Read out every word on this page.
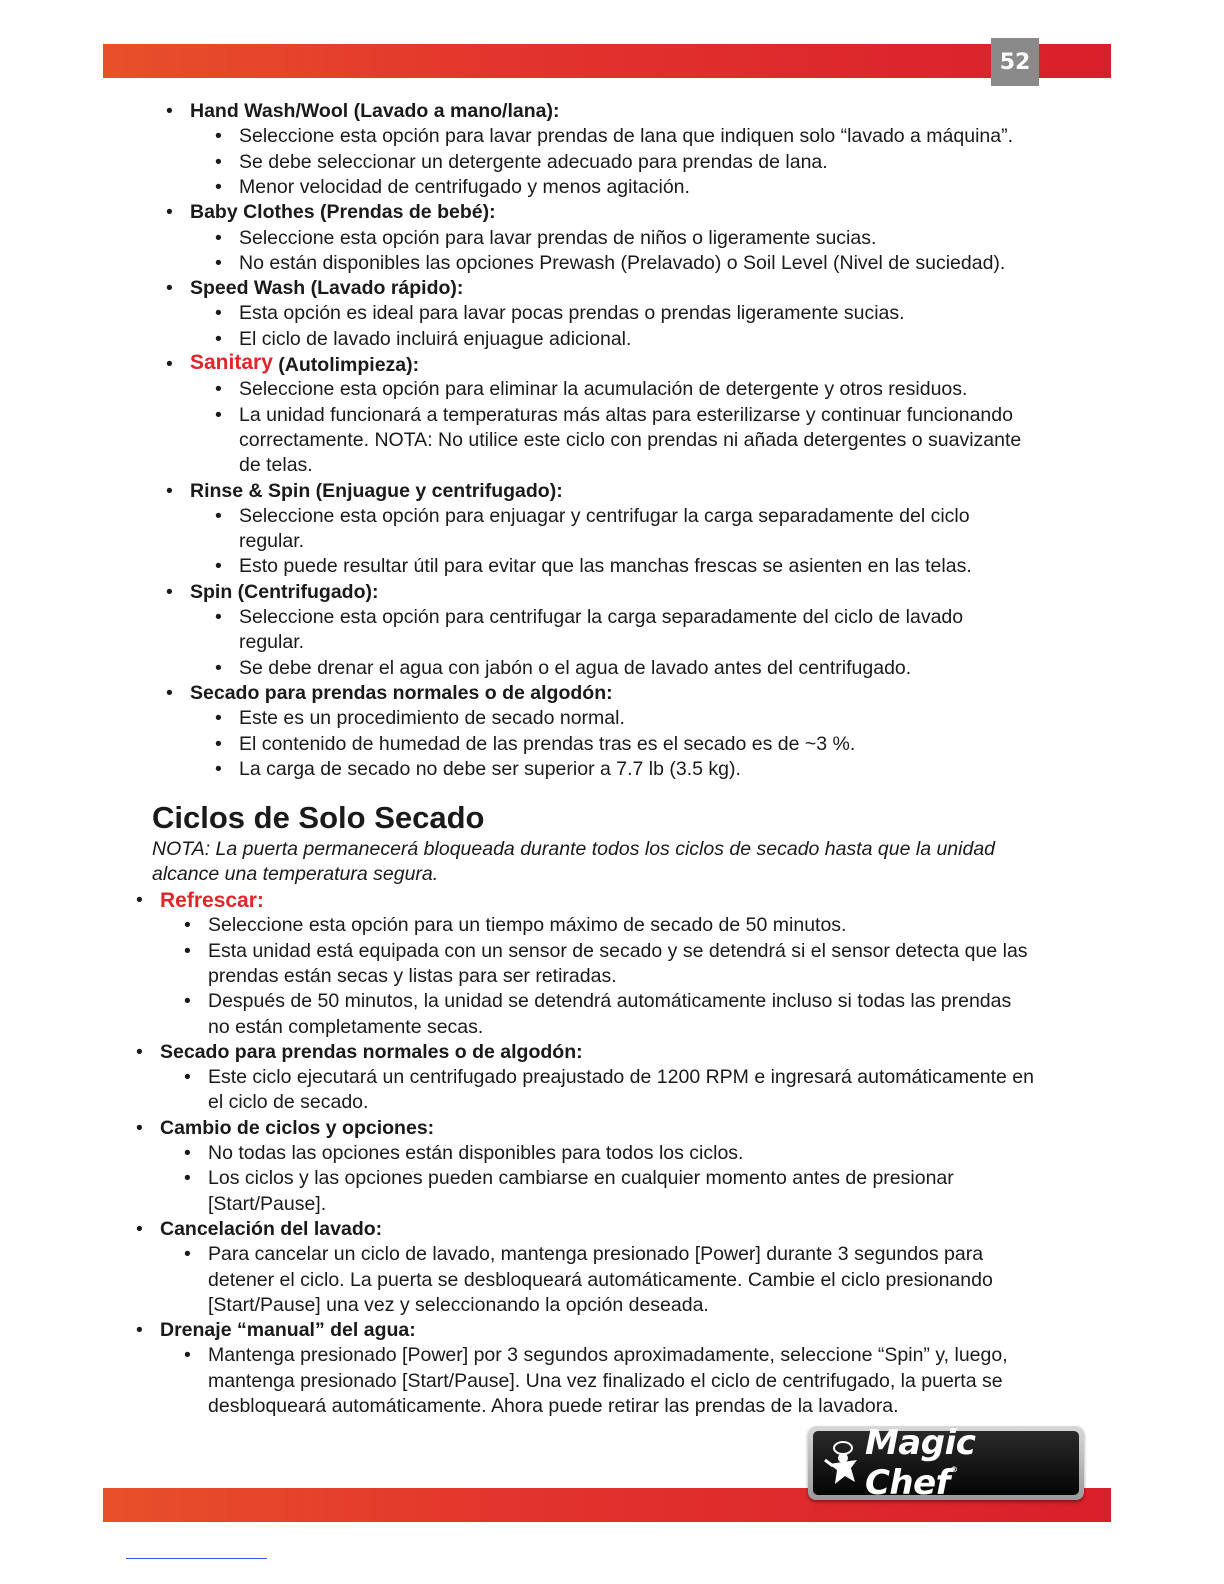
52
Ciclos de Solo Secado
• Hand Wash/Wool (Lavado a mano/lana):
• Seleccione esta opción para lavar prendas de lana que indiquen solo “lavado a máquina”.
• Se debe seleccionar un detergente adecuado para prendas de lana.
• Menor velocidad de centrifugado y menos agitación.
• Baby Clothes (Prendas de bebé):
• Seleccione esta opción para lavar prendas de niños o ligeramente sucias.
• No están disponibles las opciones Prewash (Prelavado) o Soil Level (Nivel de suciedad).
• Speed Wash (Lavado rápido):
• Esta opción es ideal para lavar pocas prendas o prendas ligeramente sucias.
• El ciclo de lavado incluirá enjuague adicional.
• Sanitary (Autolimpieza):
• Seleccione esta opción para eliminar la acumulación de detergente y otros residuos.
• La unidad funcionará a temperaturas más altas para esterilizarse y continuar funcionando
correctamente. NOTA: No utilice este ciclo con prendas ni añada detergentes o suavizante
de telas.
• Rinse & Spin (Enjuague y centrifugado):
• Seleccione esta opción para enjuagar y centrifugar la carga separadamente del ciclo
regular.
• Esto puede resultar útil para evitar que las manchas frescas se asienten en las telas.
• Spin (Centrifugado):
• Seleccione esta opción para centrifugar la carga separadamente del ciclo de lavado
regular.
• Se debe drenar el agua con jabón o el agua de lavado antes del centrifugado.
• Secado para prendas normales o de algodón:
• Este es un procedimiento de secado normal.
• El contenido de humedad de las prendas tras es el secado es de ~3 %.
• La carga de secado no debe ser superior a 7.7 lb (3.5 kg).
NOTA: La puerta permanecerá bloqueada durante todos los ciclos de secado hasta que la unidad
alcance una temperatura segura.
• Refrescar:
• Seleccione esta opción para un tiempo máximo de secado de 50 minutos.
• Esta unidad está equipada con un sensor de secado y se detendrá si el sensor detecta que las
prendas están secas y listas para ser retiradas.
• Después de 50 minutos, la unidad se detendrá automáticamente incluso si todas las prendas
no están completamente secas.
• Secado para prendas normales o de algodón:
• Este ciclo ejecutará un centrifugado preajustado de 1200 RPM e ingresará automáticamente en
el ciclo de secado.
• Cambio de ciclos y opciones:
• No todas las opciones están disponibles para todos los ciclos.
• Los ciclos y las opciones pueden cambiarse en cualquier momento antes de presionar
[Start/Pause].
• Cancelación del lavado:
• Para cancelar un ciclo de lavado, mantenga presionado [Power] durante 3 segundos para
detener el ciclo. La puerta se desbloqueará automáticamente. Cambie el ciclo presionando
[Start/Pause] una vez y seleccionando la opción deseada.
• Drenaje “manual” del agua:
• Mantenga presionado [Power] por 3 segundos aproximadamente, seleccione “Spin” y, luego,
mantenga presionado [Start/Pause]. Una vez finalizado el ciclo de centrifugado, la puerta se
desbloqueará automáticamente. Ahora puede retirar las prendas de la lavadora.
Magic Chef®
